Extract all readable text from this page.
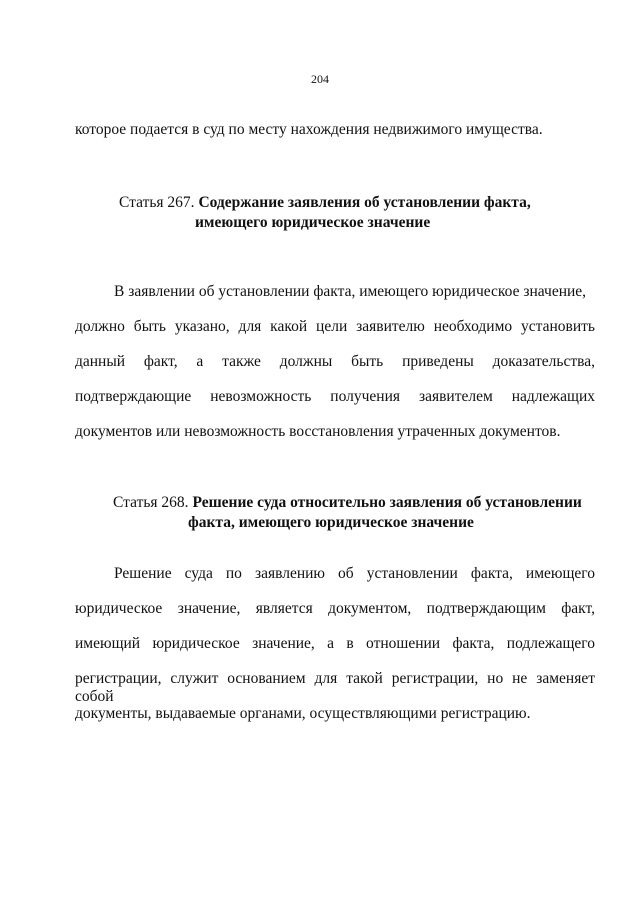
204
которое подается в суд по месту нахождения недвижимого имущества.
Статья 267. Содержание заявления об установлении факта,
имеющего юридическое значение
В заявлении об установлении факта, имеющего юридическое значение,
должно быть указано, для какой цели заявителю необходимо установить
данный факт, а также должны быть приведены доказательства,
подтверждающие невозможность получения заявителем надлежащих
документов или невозможность восстановления утраченных документов.
Статья 268. Решение суда относительно заявления об установлении
факта, имеющего юридическое значение
Решение суда по заявлению об установлении факта, имеющего
юридическое значение, является документом, подтверждающим факт,
имеющий юридическое значение, а в отношении факта, подлежащего
регистрации, служит основанием для такой регистрации, но не заменяет собой
документы, выдаваемые органами, осуществляющими регистрацию.
